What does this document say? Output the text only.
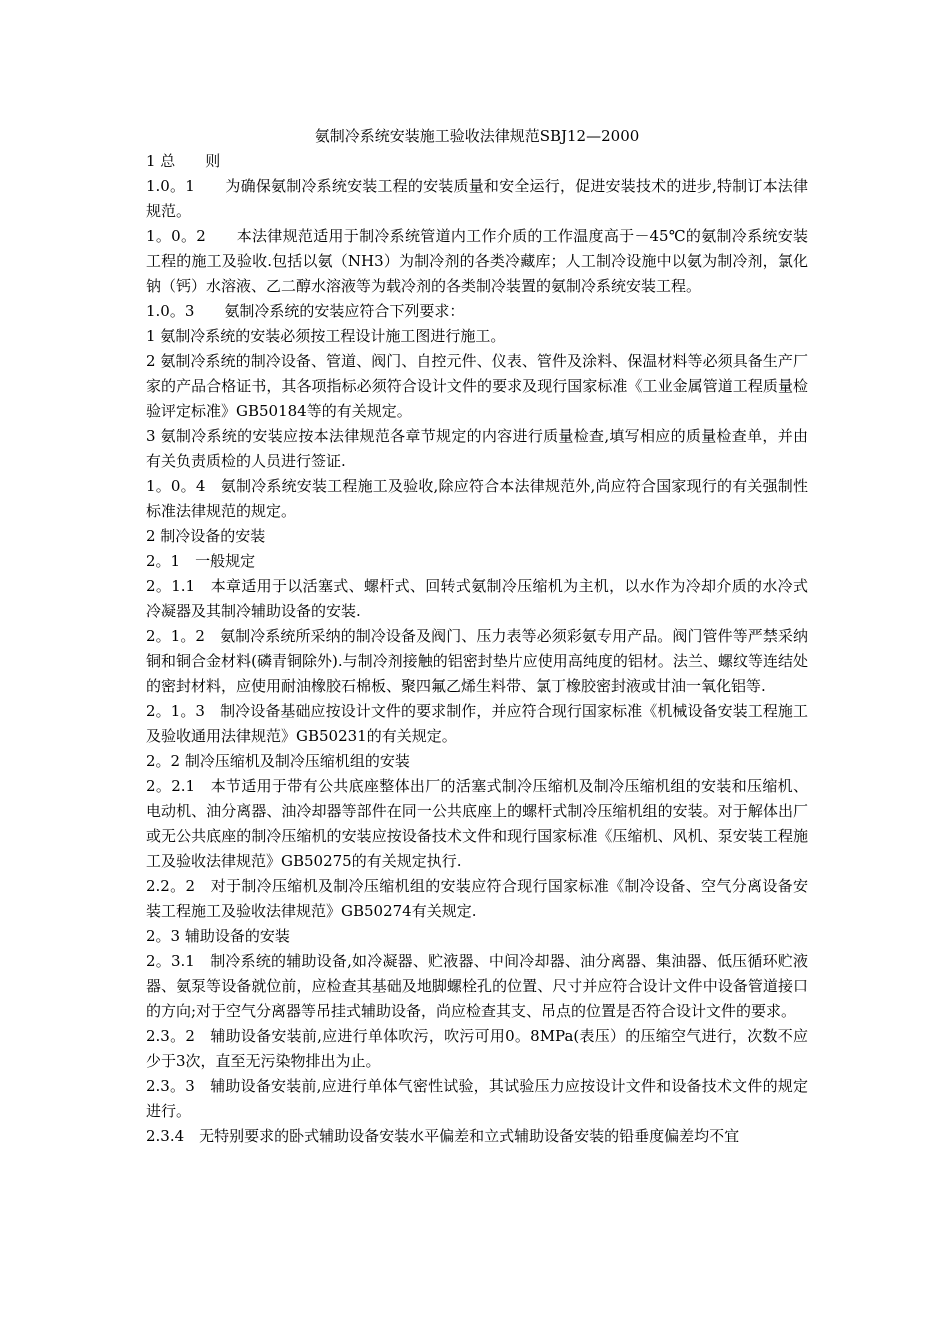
氨制冷系统安装施工验收法律规范SBJ12—2000

1 总　　则

1.0。1　　为确保氨制冷系统安装工程的安装质量和安全运行，促进安装技术的进步,特制订本法律规范。

1。0。2　　本法律规范适用于制冷系统管道内工作介质的工作温度高于－45℃的氨制冷系统安装工程的施工及验收.包括以氨（NH3）为制冷剂的各类冷藏库；人工制冷设施中以氨为制冷剂，氯化钠（钙）水溶液、乙二醇水溶液等为载冷剂的各类制冷装置的氨制冷系统安装工程。

1.0。3　　氨制冷系统的安装应符合下列要求：

1 氨制冷系统的安装必须按工程设计施工图进行施工。

2 氨制冷系统的制冷设备、管道、阀门、自控元件、仪表、管件及涂料、保温材料等必须具备生产厂家的产品合格证书，其各项指标必须符合设计文件的要求及现行国家标准《工业金属管道工程质量检验评定标准》GB50184等的有关规定。

3 氨制冷系统的安装应按本法律规范各章节规定的内容进行质量检查,填写相应的质量检查单，并由有关负责质检的人员进行签证.

1。0。4　氨制冷系统安装工程施工及验收,除应符合本法律规范外,尚应符合国家现行的有关强制性标准法律规范的规定。

2 制冷设备的安装

2。1　一般规定

2。1.1　本章适用于以活塞式、螺杆式、回转式氨制冷压缩机为主机，以水作为冷却介质的水冷式冷凝器及其制冷辅助设备的安装.

2。1。2　氨制冷系统所采纳的制冷设备及阀门、压力表等必须彩氨专用产品。阀门管件等严禁采纳铜和铜合金材料(磷青铜除外).与制冷剂接触的铝密封垫片应使用高纯度的铝材。法兰、螺纹等连结处的密封材料，应使用耐油橡胶石棉板、聚四氟乙烯生料带、氯丁橡胶密封液或甘油一氧化铝等.

2。1。3　制冷设备基础应按设计文件的要求制作，并应符合现行国家标准《机械设备安装工程施工及验收通用法律规范》GB50231的有关规定。

2。2 制冷压缩机及制冷压缩机组的安装

2。2.1　本节适用于带有公共底座整体出厂的活塞式制冷压缩机及制冷压缩机组的安装和压缩机、电动机、油分离器、油冷却器等部件在同一公共底座上的螺杆式制冷压缩机组的安装。对于解体出厂或无公共底座的制冷压缩机的安装应按设备技术文件和现行国家标准《压缩机、风机、泵安装工程施工及验收法律规范》GB50275的有关规定执行.

2.2。2　对于制冷压缩机及制冷压缩机组的安装应符合现行国家标准《制冷设备、空气分离设备安装工程施工及验收法律规范》GB50274有关规定.

2。3 辅助设备的安装

2。3.1　制冷系统的辅助设备,如冷凝器、贮液器、中间冷却器、油分离器、集油器、低压循环贮液器、氨泵等设备就位前，应检查其基础及地脚螺栓孔的位置、尺寸并应符合设计文件中设备管道接口的方向;对于空气分离器等吊挂式辅助设备，尚应检查其支、吊点的位置是否符合设计文件的要求。

2.3。2　辅助设备安装前,应进行单体吹污，吹污可用0。8MPa(表压）的压缩空气进行，次数不应少于3次，直至无污染物排出为止。

2.3。3　辅助设备安装前,应进行单体气密性试验，其试验压力应按设计文件和设备技术文件的规定进行。

2.3.4　无特别要求的卧式辅助设备安装水平偏差和立式辅助设备安装的铅垂度偏差均不宜
